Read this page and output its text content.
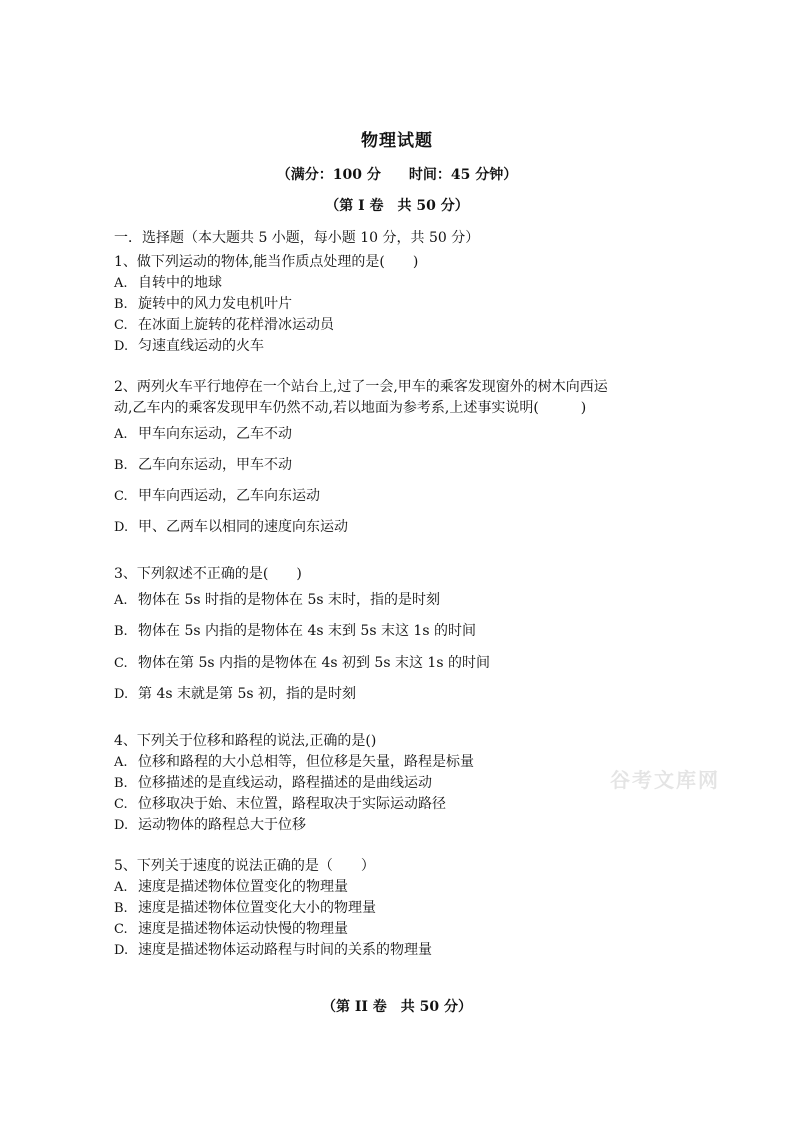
物理试题
（满分：100 分　　时间：45 分钟）
（第 I 卷　共 50 分）
一．选择题（本大题共 5 小题，每小题 10 分，共 50 分）
1、做下列运动的物体,能当作质点处理的是(　　)
A. 自转中的地球
B. 旋转中的风力发电机叶片
C. 在冰面上旋转的花样滑冰运动员
D. 匀速直线运动的火车
2、两列火车平行地停在一个站台上,过了一会,甲车的乘客发现窗外的树木向西运
动,乙车内的乘客发现甲车仍然不动,若以地面为参考系,上述事实说明(　　　)
A. 甲车向东运动，乙车不动
B. 乙车向东运动，甲车不动
C. 甲车向西运动，乙车向东运动
D. 甲、乙两车以相同的速度向东运动
3、下列叙述不正确的是(　　)
A. 物体在 5s 时指的是物体在 5s 末时，指的是时刻
B. 物体在 5s 内指的是物体在 4s 末到 5s 末这 1s 的时间
C. 物体在第 5s 内指的是物体在 4s 初到 5s 末这 1s 的时间
D. 第 4s 末就是第 5s 初，指的是时刻
4、下列关于位移和路程的说法,正确的是()
A. 位移和路程的大小总相等，但位移是矢量，路程是标量
B. 位移描述的是直线运动，路程描述的是曲线运动
C. 位移取决于始、末位置，路程取决于实际运动路径
D. 运动物体的路程总大于位移
5、下列关于速度的说法正确的是（　　）
A. 速度是描述物体位置变化的物理量
B. 速度是描述物体位置变化大小的物理量
C. 速度是描述物体运动快慢的物理量
D. 速度是描述物体运动路程与时间的关系的物理量
（第 II 卷　共 50 分）
谷考文库网
